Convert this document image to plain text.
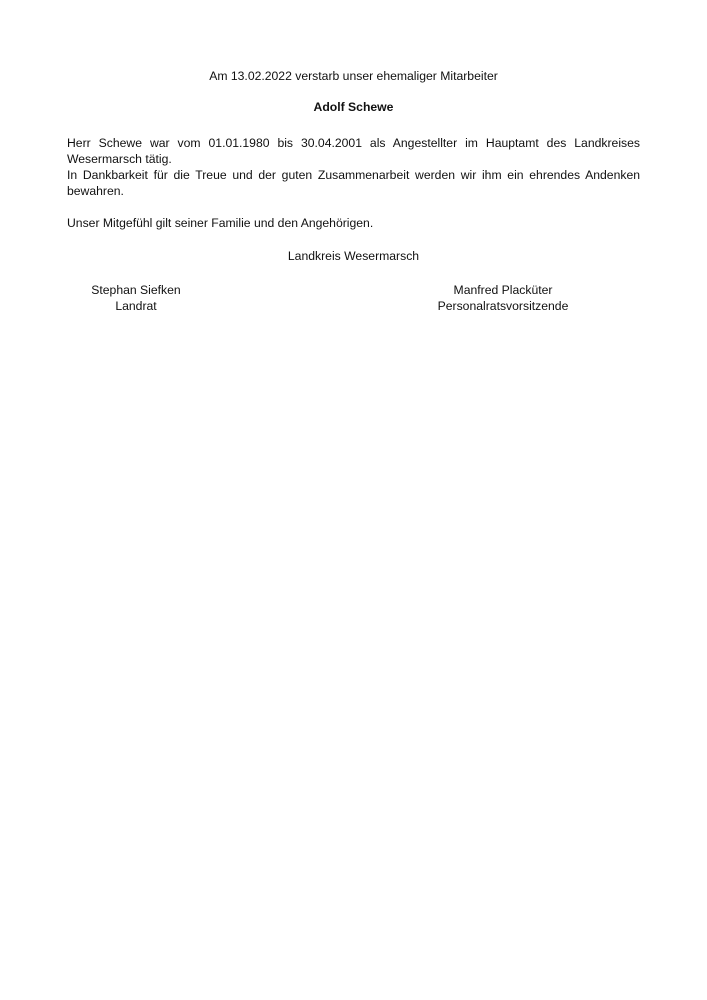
Am 13.02.2022 verstarb unser ehemaliger Mitarbeiter
Adolf Schewe

Herr Schewe war vom 01.01.1980 bis 30.04.2001 als Angestellter im Hauptamt des Landkreises Wesermarsch tätig.

In Dankbarkeit für die Treue und der guten Zusammenarbeit werden wir ihm ein ehrendes Andenken bewahren.

Unser Mitgefühl gilt seiner Familie und den Angehörigen.

Landkreis Wesermarsch
Stephan Siefken
Landrat
Manfred Placküter
Personalratsvorsitzende
